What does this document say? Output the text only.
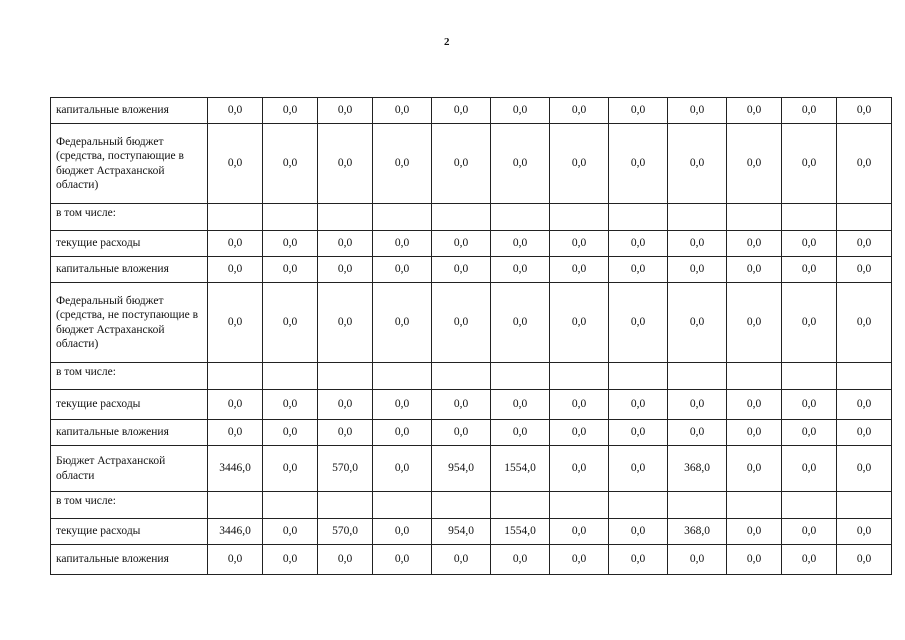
2
капитальные вложения	0,0	0,0	0,0	0,0	0,0	0,0	0,0	0,0	0,0	0,0	0,0	0,0
Федеральный бюджет (средства, поступающие в бюджет Астраханской области)	0,0	0,0	0,0	0,0	0,0	0,0	0,0	0,0	0,0	0,0	0,0	0,0
в том числе:												
текущие расходы	0,0	0,0	0,0	0,0	0,0	0,0	0,0	0,0	0,0	0,0	0,0	0,0
капитальные вложения	0,0	0,0	0,0	0,0	0,0	0,0	0,0	0,0	0,0	0,0	0,0	0,0
Федеральный бюджет (средства, не поступающие в бюджет Астраханской области)	0,0	0,0	0,0	0,0	0,0	0,0	0,0	0,0	0,0	0,0	0,0	0,0
в том числе:												
текущие расходы	0,0	0,0	0,0	0,0	0,0	0,0	0,0	0,0	0,0	0,0	0,0	0,0
капитальные вложения	0,0	0,0	0,0	0,0	0,0	0,0	0,0	0,0	0,0	0,0	0,0	0,0
Бюджет Астраханской области	3446,0	0,0	570,0	0,0	954,0	1554,0	0,0	0,0	368,0	0,0	0,0	0,0
в том числе:												
текущие расходы	3446,0	0,0	570,0	0,0	954,0	1554,0	0,0	0,0	368,0	0,0	0,0	0,0
капитальные вложения	0,0	0,0	0,0	0,0	0,0	0,0	0,0	0,0	0,0	0,0	0,0	0,0
